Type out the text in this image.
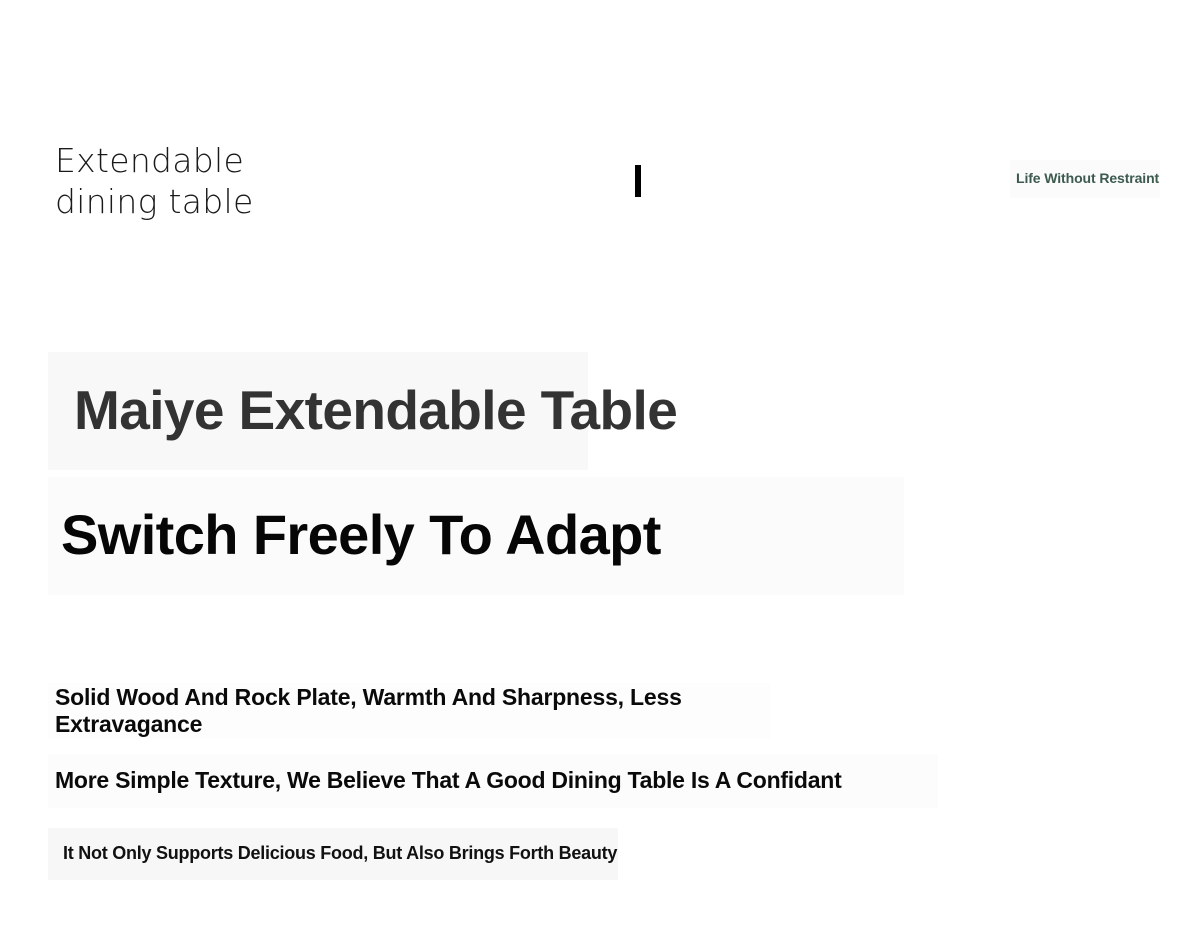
Extendable
dining table
Life Without Restraint
Maiye Extendable Table
Switch Freely To Adapt
Solid Wood And Rock Plate, Warmth And Sharpness, Less Extravagance
More Simple Texture, We Believe That A Good Dining Table Is A Confidant
It Not Only Supports Delicious Food, But Also Brings Forth Beauty
